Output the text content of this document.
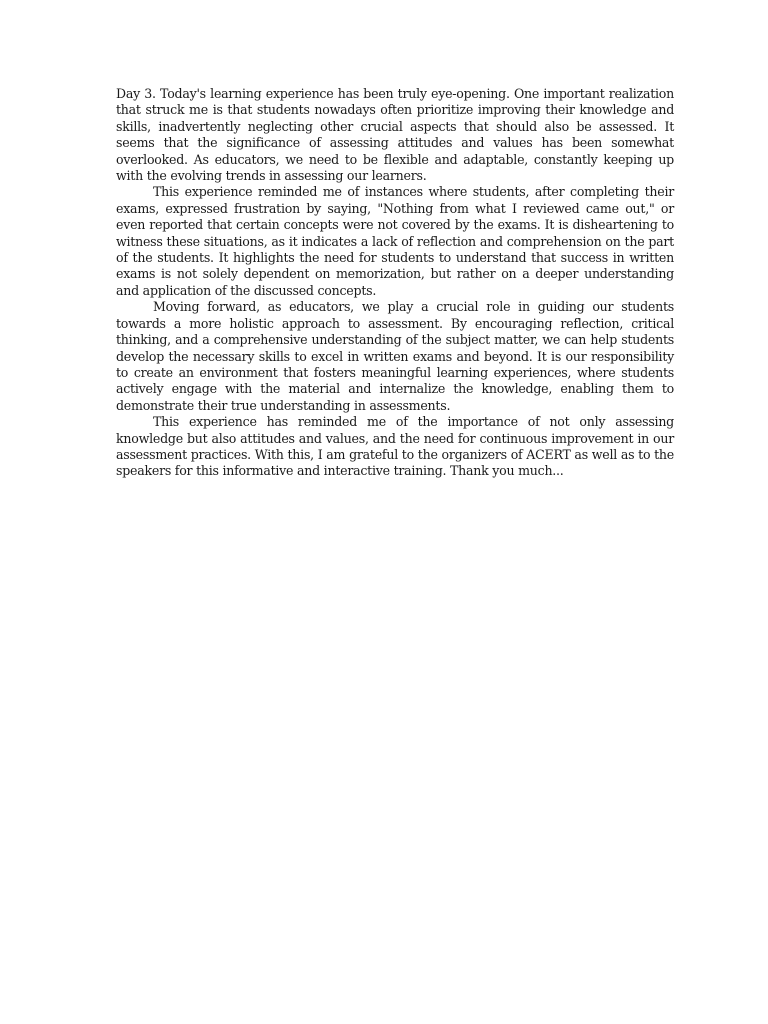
Day 3. Today's learning experience has been truly eye-opening. One important realization that struck me is that students nowadays often prioritize improving their knowledge and skills, inadvertently neglecting other crucial aspects that should also be assessed. It seems that the significance of assessing attitudes and values has been somewhat overlooked. As educators, we need to be flexible and adaptable, constantly keeping up with the evolving trends in assessing our learners.

This experience reminded me of instances where students, after completing their exams, expressed frustration by saying, "Nothing from what I reviewed came out," or even reported that certain concepts were not covered by the exams. It is disheartening to witness these situations, as it indicates a lack of reflection and comprehension on the part of the students. It highlights the need for students to understand that success in written exams is not solely dependent on memorization, but rather on a deeper understanding and application of the discussed concepts.

Moving forward, as educators, we play a crucial role in guiding our students towards a more holistic approach to assessment. By encouraging reflection, critical thinking, and a comprehensive understanding of the subject matter, we can help students develop the necessary skills to excel in written exams and beyond. It is our responsibility to create an environment that fosters meaningful learning experiences, where students actively engage with the material and internalize the knowledge, enabling them to demonstrate their true understanding in assessments.

This experience has reminded me of the importance of not only assessing knowledge but also attitudes and values, and the need for continuous improvement in our assessment practices. With this, I am grateful to the organizers of ACERT as well as to the speakers for this informative and interactive training. Thank you much...
